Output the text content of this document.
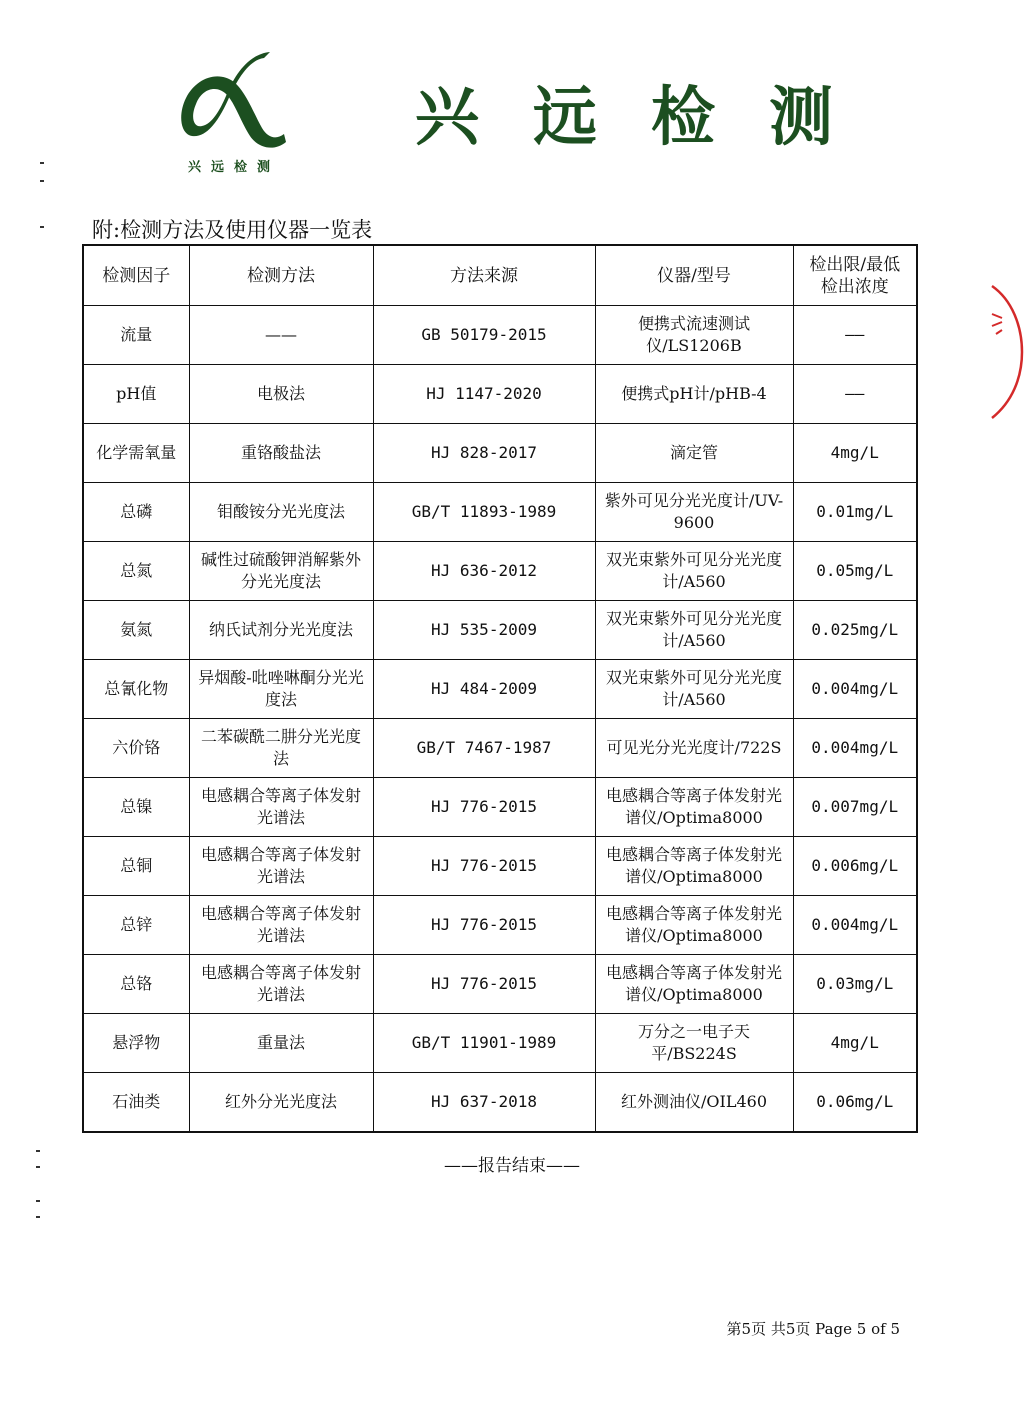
兴远检测
兴远检测
附:检测方法及使用仪器一览表
检测因子	检测方法	方法来源	仪器/型号	检出限/最低检出浓度
流量	——	GB 50179-2015	便携式流速测试仪/LS1206B	——
pH值	电极法	HJ 1147-2020	便携式pH计/pHB-4	——
化学需氧量	重铬酸盐法	HJ 828-2017	滴定管	4mg/L
总磷	钼酸铵分光光度法	GB/T 11893-1989	紫外可见分光光度计/UV-9600	0.01mg/L
总氮	碱性过硫酸钾消解紫外分光光度法	HJ 636-2012	双光束紫外可见分光光度计/A560	0.05mg/L
氨氮	纳氏试剂分光光度法	HJ 535-2009	双光束紫外可见分光光度计/A560	0.025mg/L
总氰化物	异烟酸-吡唑啉酮分光光度法	HJ 484-2009	双光束紫外可见分光光度计/A560	0.004mg/L
六价铬	二苯碳酰二肼分光光度法	GB/T 7467-1987	可见光分光光度计/722S	0.004mg/L
总镍	电感耦合等离子体发射光谱法	HJ 776-2015	电感耦合等离子体发射光谱仪/Optima8000	0.007mg/L
总铜	电感耦合等离子体发射光谱法	HJ 776-2015	电感耦合等离子体发射光谱仪/Optima8000	0.006mg/L
总锌	电感耦合等离子体发射光谱法	HJ 776-2015	电感耦合等离子体发射光谱仪/Optima8000	0.004mg/L
总铬	电感耦合等离子体发射光谱法	HJ 776-2015	电感耦合等离子体发射光谱仪/Optima8000	0.03mg/L
悬浮物	重量法	GB/T 11901-1989	万分之一电子天平/BS224S	4mg/L
石油类	红外分光光度法	HJ 637-2018	红外测油仪/OIL460	0.06mg/L
——报告结束——
第5页 共5页 Page 5 of 5
